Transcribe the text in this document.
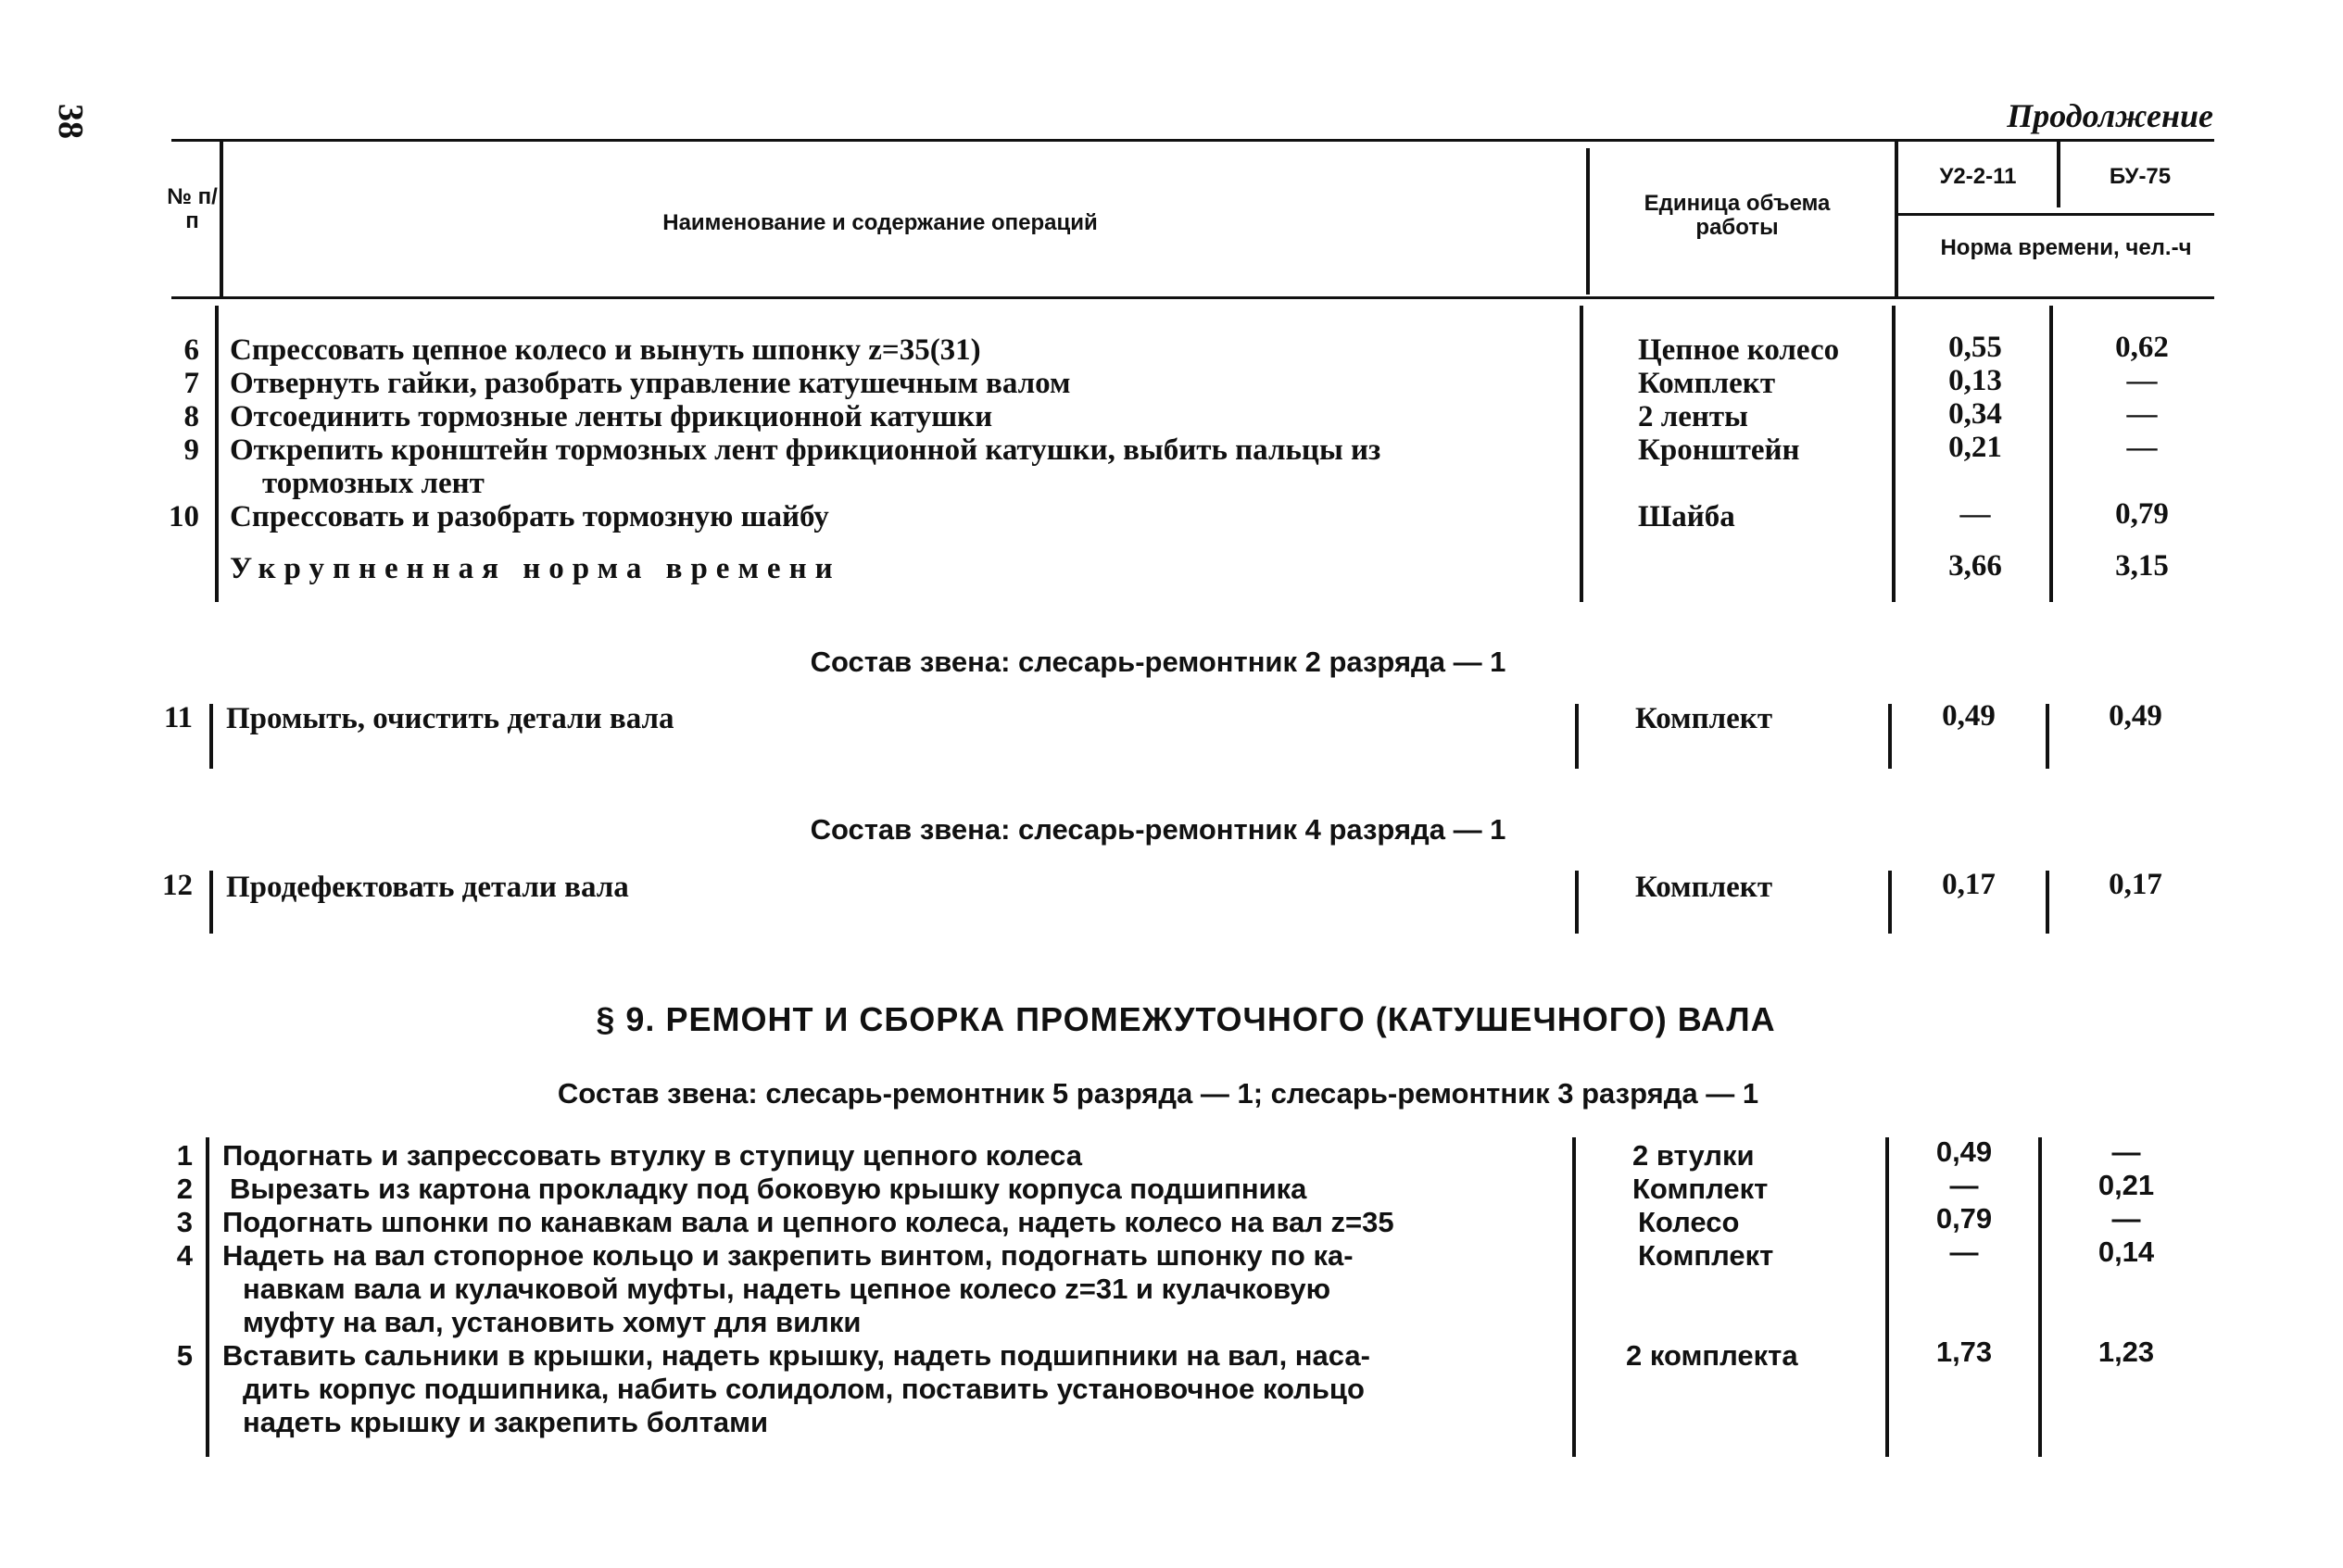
38	Продолжение
№ п/п	Наименование и содержание операций
Единица объема работы
У2-2-11	БУ-75
Норма времени, чел.-ч
6 Спрессовать цепное колесо и вынуть шпонку z=35(31)	Цепное колесо	0,55	0,62
7 Отвернуть гайки, разобрать управление катушечным валом	Комплект	0,13	—
8 Отсоединить тормозные ленты фрикционной катушки	2 ленты	0,34	—
9 Открепить кронштейн тормозных лент фрикционной катушки, выбить пальцы из
тормозных лент
Кронштейн	0,21	—
10 Спрессовать и разобрать тормозную шайбу	Шайба	—	0,79
Укрупненная норма времени	3,66	3,15
Состав звена: слесарь-ремонтник 2 разряда — 1
11 Промыть, очистить детали вала	Комплект	0,49	0,49
Состав звена: слесарь-ремонтник 4 разряда — 1
12 Продефектовать детали вала	Комплект	0,17	0,17
§ 9. РЕМОНТ И СБОРКА ПРОМЕЖУТОЧНОГО (КАТУШЕЧНОГО) ВАЛА
Состав звена: слесарь-ремонтник 5 разряда — 1; слесарь-ремонтник 3 разряда — 1
1 Подогнать и запрессовать втулку в ступицу цепного колеса	2 втулки	0,49	—
2 Вырезать из картона прокладку под боковую крышку корпуса подшипника	Комплект	—	0,21
3 Подогнать шпонки по канавкам вала и цепного колеса, надеть колесо на вал z=35	Колесо	0,79	—
4 Надеть на вал стопорное кольцо и закрепить винтом, подогнать шпонку по ка-
навкам вала и кулачковой муфты, надеть цепное колесо z=31 и кулачковую
муфту на вал, установить хомут для вилки
Комплект	—	0,14
5 Вставить сальники в крышки, надеть крышку, надеть подшипники на вал, наса-
дить корпус подшипника, набить солидолом, поставить установочное кольцо
надеть крышку и закрепить болтами
2 комплекта	1,73	1,23
